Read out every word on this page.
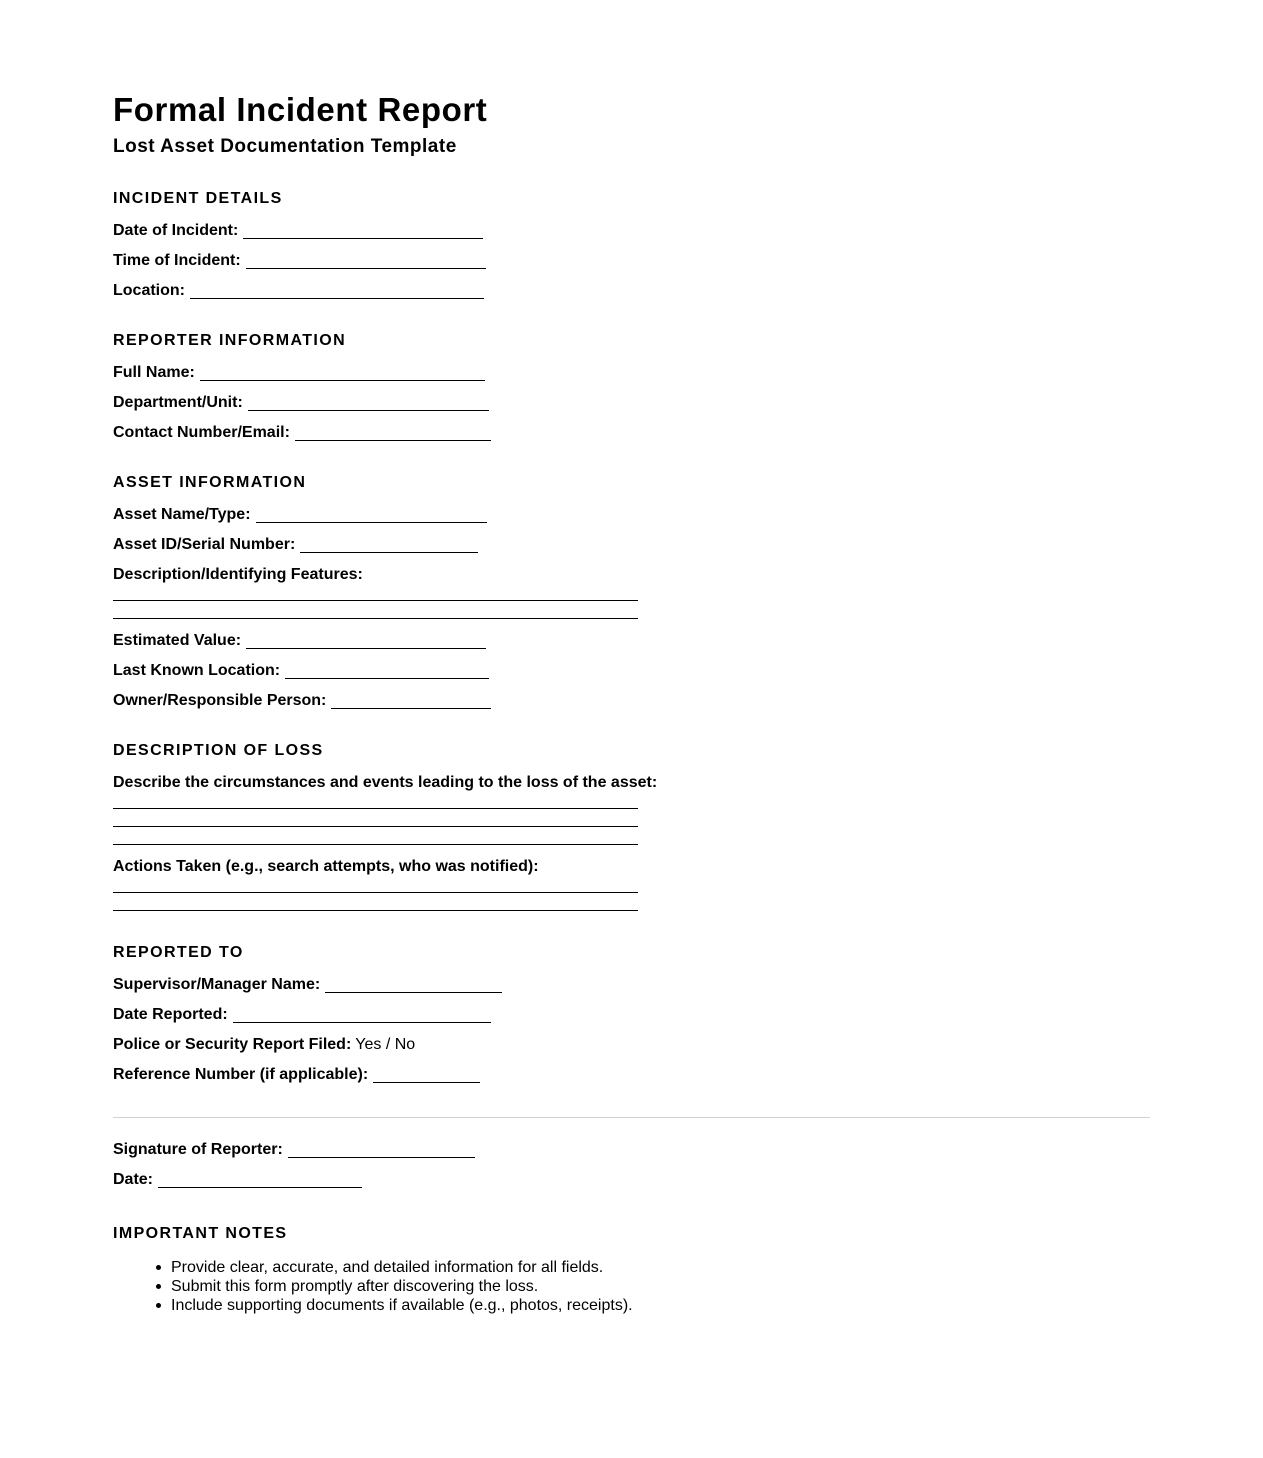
Formal Incident Report
Lost Asset Documentation Template
INCIDENT DETAILS
Date of Incident:
Time of Incident:
Location:
REPORTER INFORMATION
Full Name:
Department/Unit:
Contact Number/Email:
ASSET INFORMATION
Asset Name/Type:
Asset ID/Serial Number:
Description/Identifying Features:
Estimated Value:
Last Known Location:
Owner/Responsible Person:
DESCRIPTION OF LOSS
Describe the circumstances and events leading to the loss of the asset:
Actions Taken (e.g., search attempts, who was notified):
REPORTED TO
Supervisor/Manager Name:
Date Reported:
Police or Security Report Filed: Yes / No
Reference Number (if applicable):
Signature of Reporter:
Date:
IMPORTANT NOTES
Provide clear, accurate, and detailed information for all fields.
Submit this form promptly after discovering the loss.
Include supporting documents if available (e.g., photos, receipts).
